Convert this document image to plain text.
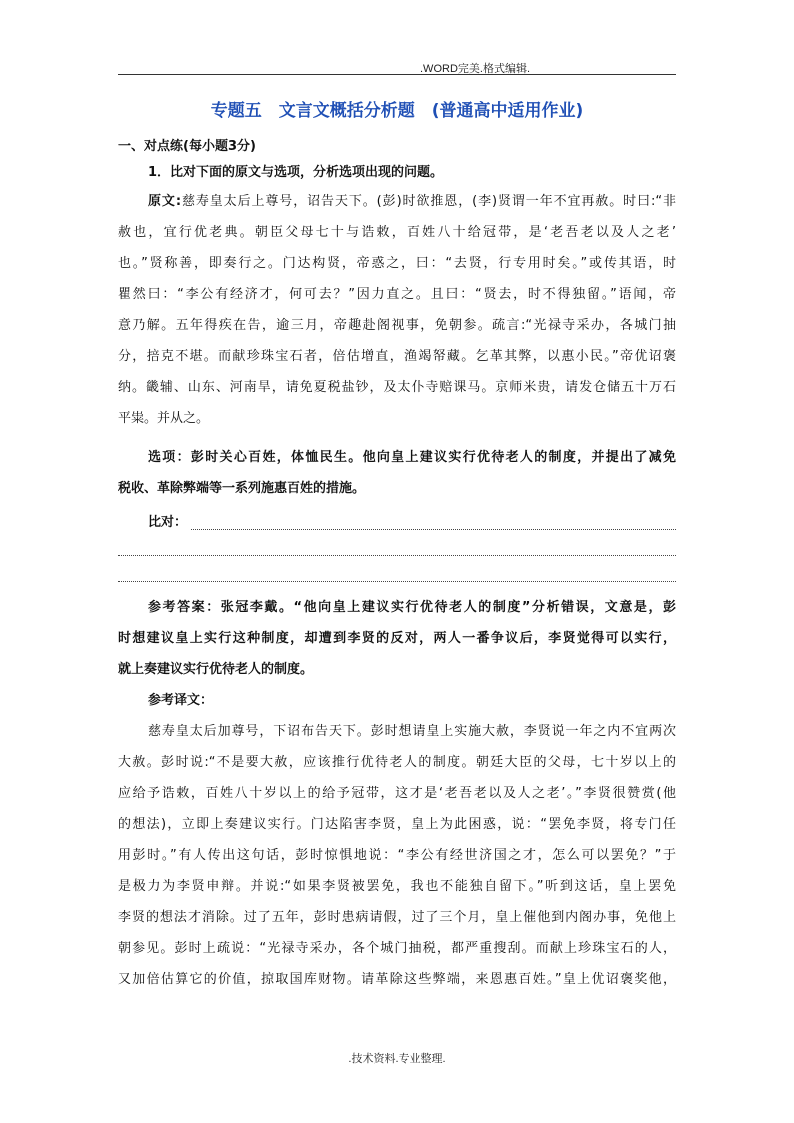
.WORD完美.格式编辑.
专题五　文言文概括分析题　(普通高中适用作业)
一、对点练(每小题3分)
1．比对下面的原文与选项，分析选项出现的问题。
原文:慈寿皇太后上尊号，诏告天下。(彭)时欲推恩，(李)贤谓一年不宜再赦。时曰:“非
赦也，宜行优老典。朝臣父母七十与诰敕，百姓八十给冠带，是‘老吾老以及人之老’
也。”贤称善，即奏行之。门达构贤，帝惑之，曰：“去贤，行专用时矣。”或传其语，时
瞿然曰：“李公有经济才，何可去？”因力直之。且曰：“贤去，时不得独留。”语闻，帝
意乃解。五年得疾在告，逾三月，帝趣赴阁视事，免朝参。疏言:“光禄寺采办，各城门抽
分，掊克不堪。而献珍珠宝石者，倍估增直，渔竭帑藏。乞革其弊，以惠小民。”帝优诏褒
纳。畿辅、山东、河南旱，请免夏税盐钞，及太仆寺赔课马。京师米贵，请发仓储五十万石
平粜。并从之。
选项：彭时关心百姓，体恤民生。他向皇上建议实行优待老人的制度，并提出了减免
税收、革除弊端等一系列施惠百姓的措施。
比对：
参考答案：张冠李戴。“他向皇上建议实行优待老人的制度”分析错误，文意是，彭
时想建议皇上实行这种制度，却遭到李贤的反对，两人一番争议后，李贤觉得可以实行，
就上奏建议实行优待老人的制度。
参考译文：
慈寿皇太后加尊号，下诏布告天下。彭时想请皇上实施大赦，李贤说一年之内不宜两次
大赦。彭时说:“不是要大赦，应该推行优待老人的制度。朝廷大臣的父母，七十岁以上的
应给予诰敕，百姓八十岁以上的给予冠带，这才是‘老吾老以及人之老’。”李贤很赞赏(他
的想法)，立即上奏建议实行。门达陷害李贤，皇上为此困惑，说：“罢免李贤，将专门任
用彭时。”有人传出这句话，彭时惊惧地说：“李公有经世济国之才，怎么可以罢免？”于
是极力为李贤申辩。并说:“如果李贤被罢免，我也不能独自留下。”听到这话，皇上罢免
李贤的想法才消除。过了五年，彭时患病请假，过了三个月，皇上催他到内阁办事，免他上
朝参见。彭时上疏说：“光禄寺采办，各个城门抽税，都严重搜刮。而献上珍珠宝石的人，
又加倍估算它的价值，掠取国库财物。请革除这些弊端，来恩惠百姓。”皇上优诏褒奖他，
.技术资料.专业整理.
